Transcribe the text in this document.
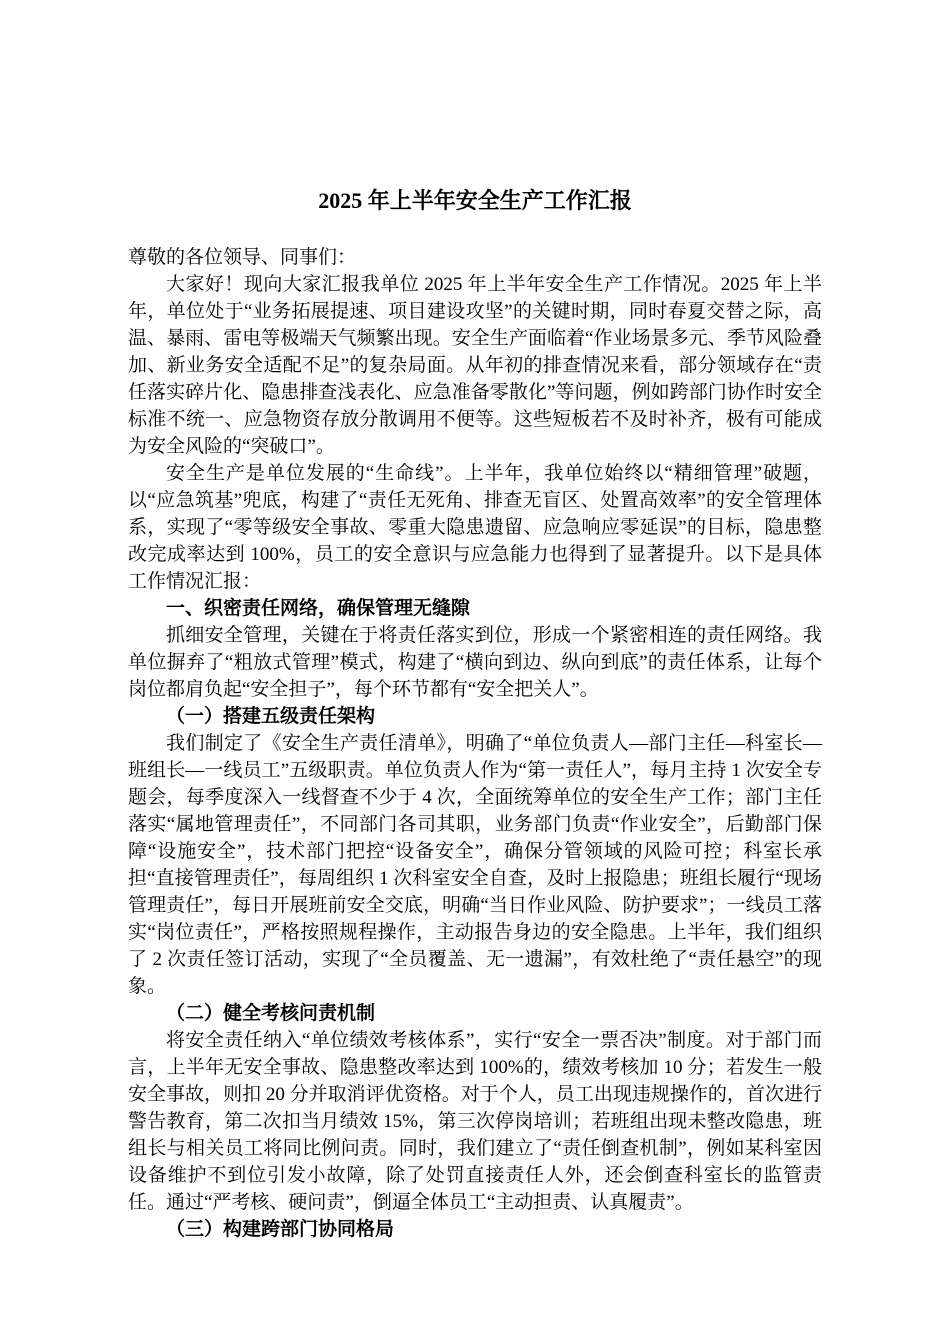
2025 年上半年安全生产工作汇报

尊敬的各位领导、同事们：

大家好！现向大家汇报我单位 2025 年上半年安全生产工作情况。2025 年上半年，单位处于“业务拓展提速、项目建设攻坚”的关键时期，同时春夏交替之际，高温、暴雨、雷电等极端天气频繁出现。安全生产面临着“作业场景多元、季节风险叠加、新业务安全适配不足”的复杂局面。从年初的排查情况来看，部分领域存在“责任落实碎片化、隐患排查浅表化、应急准备零散化”等问题，例如跨部门协作时安全标准不统一、应急物资存放分散调用不便等。这些短板若不及时补齐，极有可能成为安全风险的“突破口”。

安全生产是单位发展的“生命线”。上半年，我单位始终以“精细管理”破题，以“应急筑基”兜底，构建了“责任无死角、排查无盲区、处置高效率”的安全管理体系，实现了“零等级安全事故、零重大隐患遗留、应急响应零延误”的目标，隐患整改完成率达到 100%，员工的安全意识与应急能力也得到了显著提升。以下是具体工作情况汇报：

一、织密责任网络，确保管理无缝隙

抓细安全管理，关键在于将责任落实到位，形成一个紧密相连的责任网络。我单位摒弃了“粗放式管理”模式，构建了“横向到边、纵向到底”的责任体系，让每个岗位都肩负起“安全担子”，每个环节都有“安全把关人”。

（一）搭建五级责任架构

我们制定了《安全生产责任清单》，明确了“单位负责人—部门主任—科室长—班组长—一线员工”五级职责。单位负责人作为“第一责任人”，每月主持 1 次安全专题会，每季度深入一线督查不少于 4 次，全面统筹单位的安全生产工作；部门主任落实“属地管理责任”，不同部门各司其职，业务部门负责“作业安全”，后勤部门保障“设施安全”，技术部门把控“设备安全”，确保分管领域的风险可控；科室长承担“直接管理责任”，每周组织 1 次科室安全自查，及时上报隐患；班组长履行“现场管理责任”，每日开展班前安全交底，明确“当日作业风险、防护要求”；一线员工落实“岗位责任”，严格按照规程操作，主动报告身边的安全隐患。上半年，我们组织了 2 次责任签订活动，实现了“全员覆盖、无一遗漏”，有效杜绝了“责任悬空”的现象。

（二）健全考核问责机制

将安全责任纳入“单位绩效考核体系”，实行“安全一票否决”制度。对于部门而言，上半年无安全事故、隐患整改率达到 100%的，绩效考核加 10 分；若发生一般安全事故，则扣 20 分并取消评优资格。对于个人，员工出现违规操作的，首次进行警告教育，第二次扣当月绩效 15%，第三次停岗培训；若班组出现未整改隐患，班组长与相关员工将同比例问责。同时，我们建立了“责任倒查机制”，例如某科室因设备维护不到位引发小故障，除了处罚直接责任人外，还会倒查科室长的监管责任。通过“严考核、硬问责”，倒逼全体员工“主动担责、认真履责”。

（三）构建跨部门协同格局
